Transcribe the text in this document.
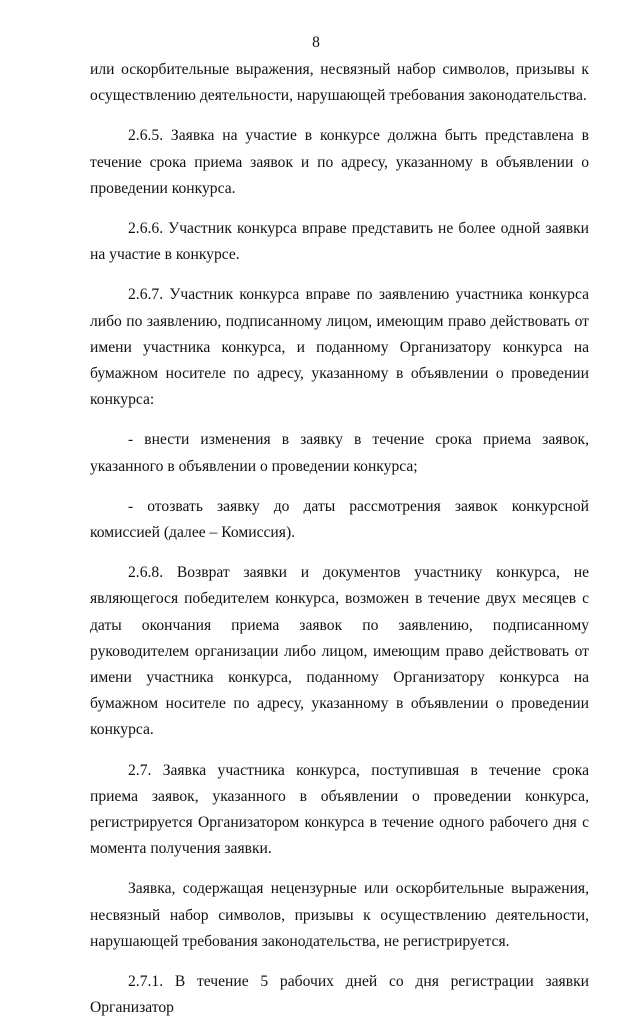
8

или оскорбительные выражения, несвязный набор символов, призывы к осуществлению деятельности, нарушающей требования законодательства.

2.6.5. Заявка на участие в конкурсе должна быть представлена в течение срока приема заявок и по адресу, указанному в объявлении о проведении конкурса.

2.6.6. Участник конкурса вправе представить не более одной заявки на участие в конкурсе.

2.6.7. Участник конкурса вправе по заявлению участника конкурса либо по заявлению, подписанному лицом, имеющим право действовать от имени участника конкурса, и поданному Организатору конкурса на бумажном носителе по адресу, указанному в объявлении о проведении конкурса:

- внести изменения в заявку в течение срока приема заявок, указанного в объявлении о проведении конкурса;

- отозвать заявку до даты рассмотрения заявок конкурсной комиссией (далее – Комиссия).

2.6.8. Возврат заявки и документов участнику конкурса, не являющегося победителем конкурса, возможен в течение двух месяцев с даты окончания приема заявок по заявлению, подписанному руководителем организации либо лицом, имеющим право действовать от имени участника конкурса, поданному Организатору конкурса на бумажном носителе по адресу, указанному в объявлении о проведении конкурса.

2.7. Заявка участника конкурса, поступившая в течение срока приема заявок, указанного в объявлении о проведении конкурса, регистрируется Организатором конкурса в течение одного рабочего дня с момента получения заявки.

Заявка, содержащая нецензурные или оскорбительные выражения, несвязный набор символов, призывы к осуществлению деятельности, нарушающей требования законодательства, не регистрируется.

2.7.1. В течение 5 рабочих дней со дня регистрации заявки Организатор
